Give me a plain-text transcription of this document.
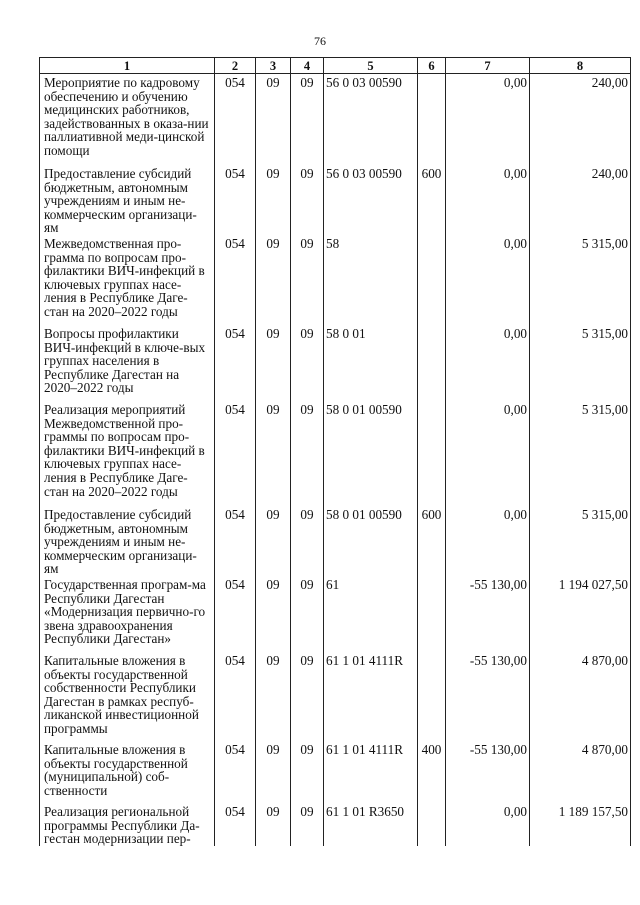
76
1	2	3	4	5	6	7	8
Мероприятие по кадровому обеспечению и обучению медицинских работников, задействованных в оказа-нии паллиативной меди-цинской помощи	054	09	09	56 0 03 00590		0,00	240,00
Предоставление субсидий бюджетным, автономным учреждениям и иным не-коммерческим организаци-ям	054	09	09	56 0 03 00590	600	0,00	240,00
Межведомственная про-грамма по вопросам про-филактики ВИЧ-инфекций в ключевых группах насе-ления в Республике Даге-стан на 2020–2022 годы	054	09	09	58		0,00	5 315,00
Вопросы профилактики ВИЧ-инфекций в ключе-вых группах населения в Республике Дагестан на 2020–2022 годы	054	09	09	58 0 01		0,00	5 315,00
Реализация мероприятий Межведомственной про-граммы по вопросам про-филактики ВИЧ-инфекций в ключевых группах насе-ления в Республике Даге-стан на 2020–2022 годы	054	09	09	58 0 01 00590		0,00	5 315,00
Предоставление субсидий бюджетным, автономным учреждениям и иным не-коммерческим организаци-ям	054	09	09	58 0 01 00590	600	0,00	5 315,00
Государственная програм-ма Республики Дагестан «Модернизация первично-го звена здравоохранения Республики Дагестан»	054	09	09	61		-55 130,00	1 194 027,50
Капитальные вложения в объекты государственной собственности Республики Дагестан в рамках респуб-ликанской инвестиционной программы	054	09	09	61 1 01 4111R		-55 130,00	4 870,00
Капитальные вложения в объекты государственной (муниципальной) соб-ственности	054	09	09	61 1 01 4111R	400	-55 130,00	4 870,00
Реализация региональной программы Республики Да-гестан модернизации пер-	054	09	09	61 1 01 R3650		0,00	1 189 157,50
